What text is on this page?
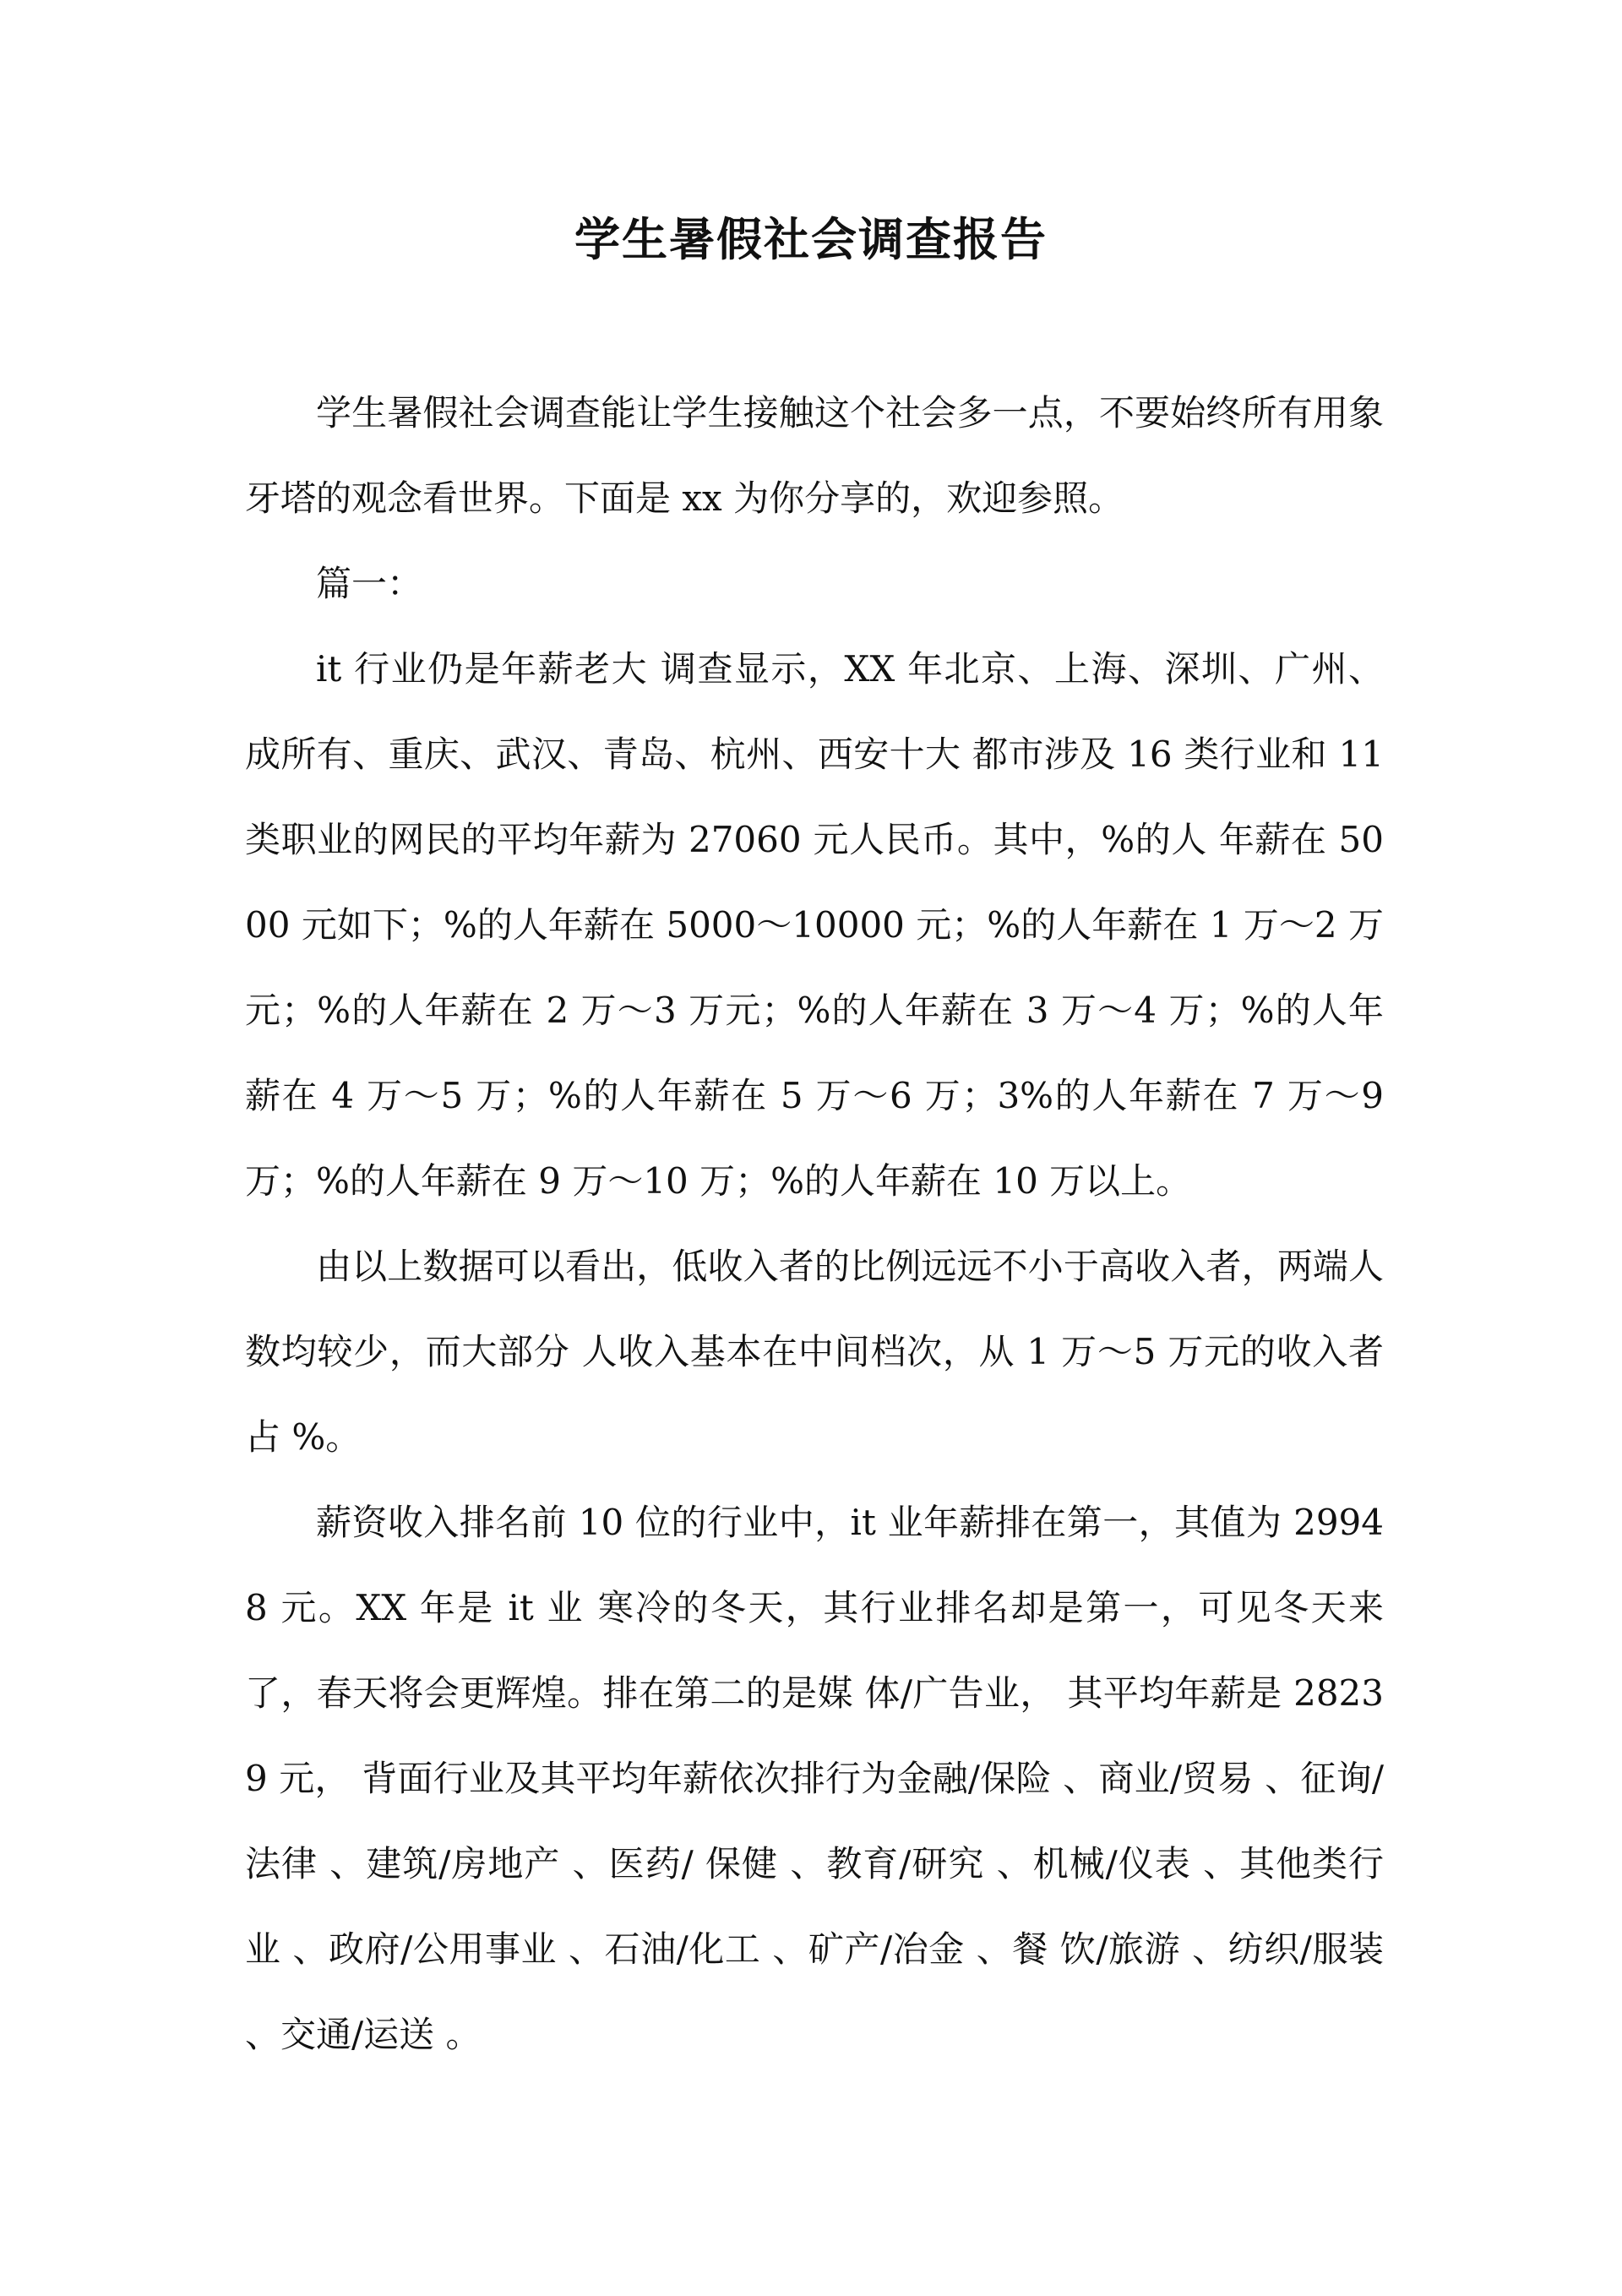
学生暑假社会调查报告

学生暑假社会调查能让学生接触这个社会多一点，不要始终所有用象牙塔的观念看世界。下面是 xx 为你分享的，欢迎参照。

篇一：

it 行业仍是年薪老大 调查显示，XX 年北京、上海、深圳、广州、成所有、重庆、武汉、青岛、杭州、西安十大 都市涉及 16 类行业和 11 类职业的网民的平均年薪为 27060 元人民币。其中，%的人 年薪在 5000 元如下；%的人年薪在 5000～10000 元；%的人年薪在 1 万～2 万元；%的人年薪在 2 万～3 万元；%的人年薪在 3 万～4 万；%的人年薪在 4 万～5 万；%的人年薪在 5 万～6 万；3%的人年薪在 7 万～9 万；%的人年薪在 9 万～10 万；%的人年薪在 10 万以上。

由以上数据可以看出，低收入者的比例远远不小于高收入者，两端人数均较少，而大部分 人收入基本在中间档次，从 1 万～5 万元的收入者占 %。

薪资收入排名前 10 位的行业中，it 业年薪排在第一，其值为 29948 元。XX 年是 it 业 寒冷的冬天，其行业排名却是第一，可见冬天来了，春天将会更辉煌。排在第二的是媒 体/广告业， 其平均年薪是 28239 元， 背面行业及其平均年薪依次排行为金融/保险 、商业/贸易 、征询/法律 、建筑/房地产 、医药/ 保健 、教育/研究 、机械/仪表 、其他类行业 、政府/公用事业 、石油/化工 、矿产/冶金 、餐 饮/旅游 、纺织/服装 、交通/运送 。
